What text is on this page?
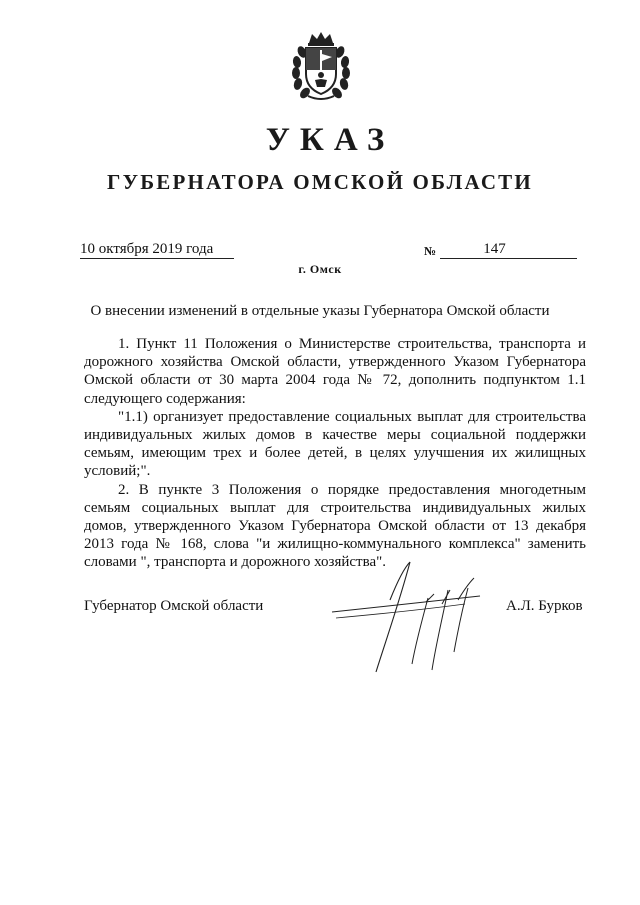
УКАЗ
ГУБЕРНАТОРА ОМСКОЙ ОБЛАСТИ
10 октября 2019 года	№	147
г. Омск
О внесении изменений в отдельные указы Губернатора Омской области

1. Пункт 11 Положения о Министерстве строительства, транспорта и дорожного хозяйства Омской области, утвержденного Указом Губернатора Омской области от 30 марта 2004 года № 72, дополнить подпунктом 1.1 следующего содержания:

"1.1) организует предоставление социальных выплат для строительства индивидуальных жилых домов в качестве меры социальной поддержки семьям, имеющим трех и более детей, в целях улучшения их жилищных условий;".

2. В пункте 3 Положения о порядке предоставления многодетным семьям социальных выплат для строительства индивидуальных жилых домов, утвержденного Указом Губернатора Омской области от 13 декабря 2013 года № 168, слова "и жилищно-коммунального комплекса" заменить словами ", транспорта и дорожного хозяйства".

Губернатор Омской области	А.Л. Бурков
